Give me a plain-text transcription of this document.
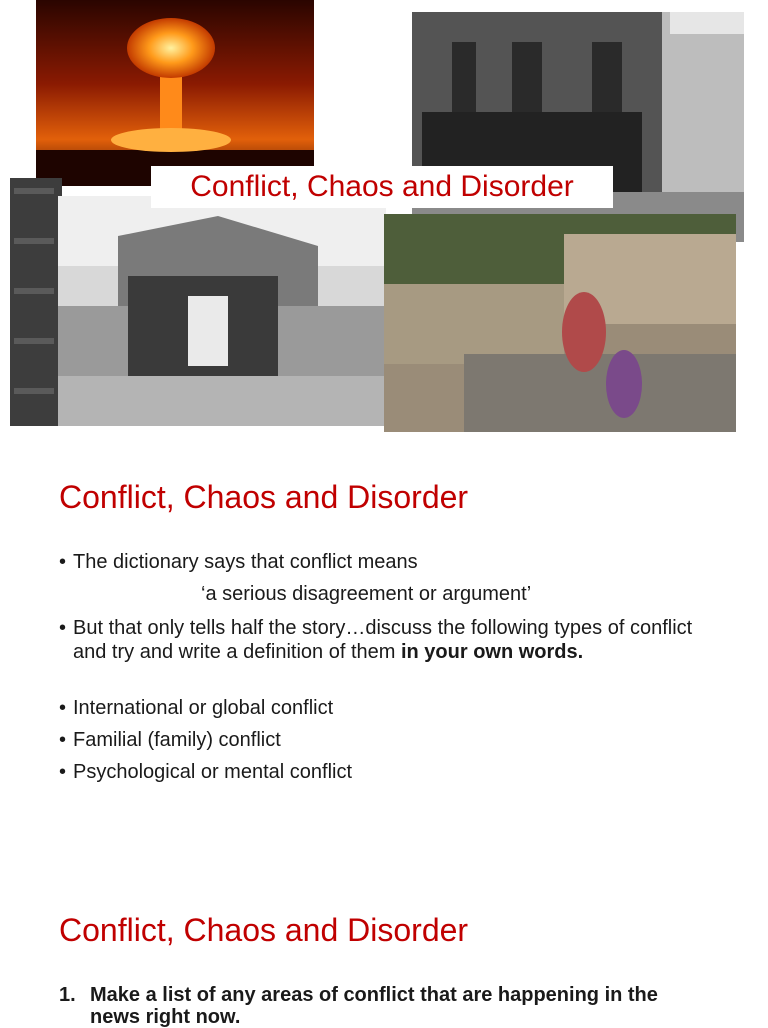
Conflict, Chaos and Disorder
Conflict, Chaos and Disorder

• The dictionary says that conflict means

‘a serious disagreement or argument’

• But that only tells half the story…discuss the following types of conflict and try and write a definition of them in your own words.

• International or global conflict

• Familial (family) conflict

• Psychological or mental conflict

Conflict, Chaos and Disorder
1. Make a list of any areas of conflict that are happening in the news right now.
